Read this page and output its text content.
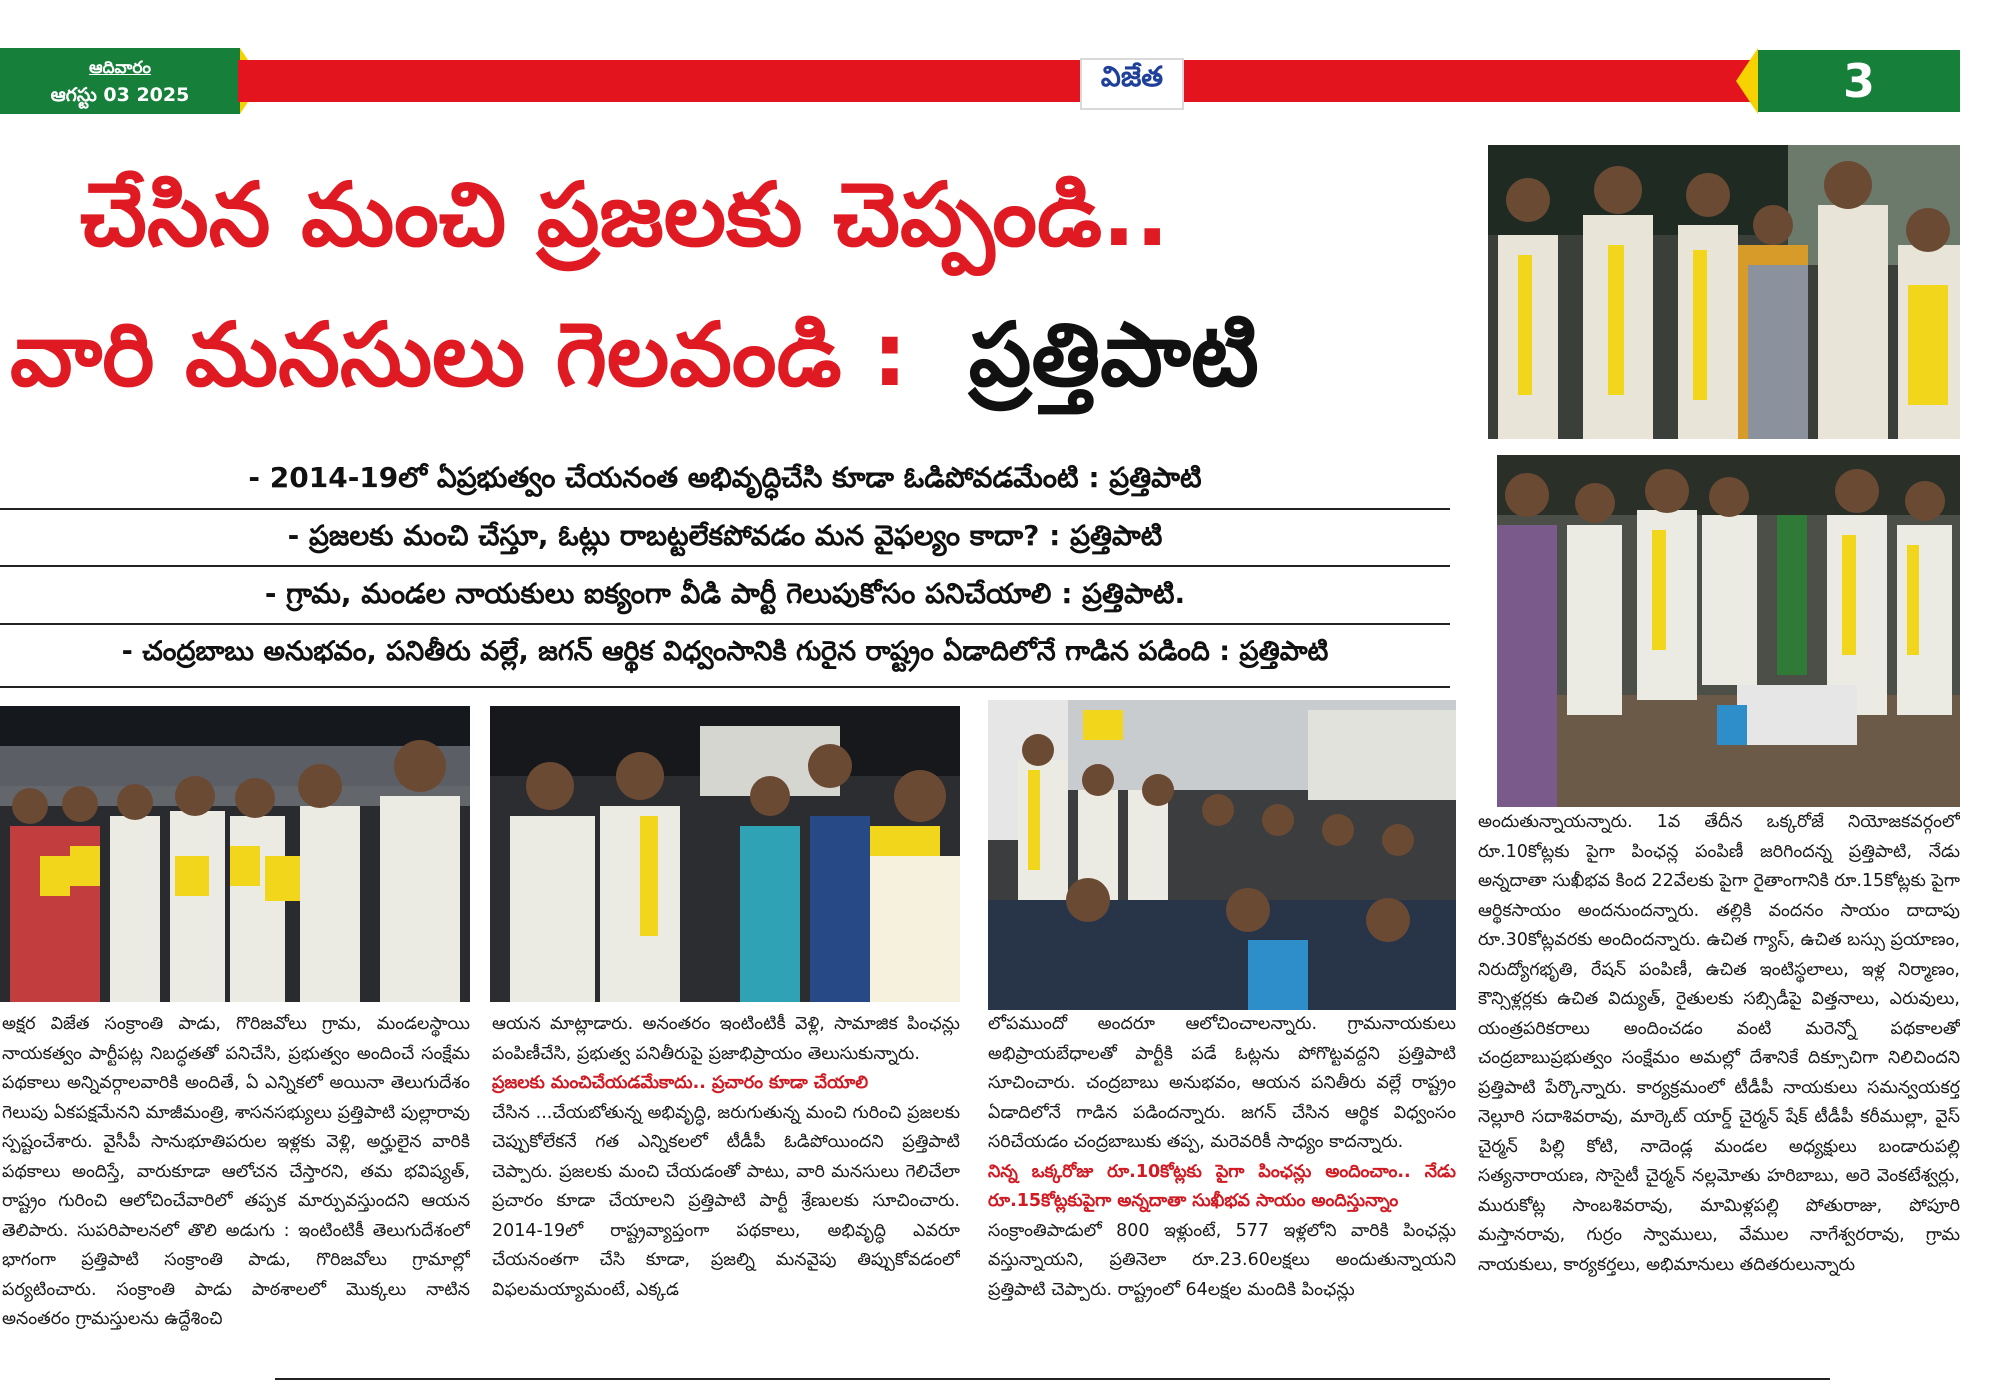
ఆదివారం
ఆగస్టు 03 2025
విజేత	3
చేసిన మంచి ప్రజలకు చెప్పండి..
వారి మనసులు గెలవండి : ప్రత్తిపాటి
- 2014-19లో ఏప్రభుత్వం చేయనంత అభివృద్ధిచేసి కూడా ఓడిపోవడమేంటి : ప్రత్తిపాటి
- ప్రజలకు మంచి చేస్తూ, ఓట్లు రాబట్టలేకపోవడం మన వైఫల్యం కాదా? : ప్రత్తిపాటి
- గ్రామ, మండల నాయకులు ఐక్యంగా వీడి పార్టీ గెలుపుకోసం పనిచేయాలి : ప్రత్తిపాటి.
- చంద్రబాబు అనుభవం, పనితీరు వల్లే, జగన్ ఆర్థిక విధ్వంసానికి గురైన రాష్ట్రం ఏడాదిలోనే గాడిన పడింది : ప్రత్తిపాటి

అక్షర విజేత సంక్రాంతి పాడు, గొరిజవోలు గ్రామ, మండలస్థాయి నాయకత్వం పార్టీపట్ల నిబద్ధతతో పనిచేసి, ప్రభుత్వం అందించే సంక్షేమ పథకాలు అన్నివర్గాలవారికి అందితే, ఏ ఎన్నికలో అయినా తెలుగుదేశం గెలుపు ఏకపక్షమేనని మాజీమంత్రి, శాసనసభ్యులు ప్రత్తిపాటి పుల్లారావు స్పష్టంచేశారు. వైసీపీ సానుభూతిపరుల ఇళ్లకు వెళ్లి, అర్హులైన వారికి పథకాలు అందిస్తే, వారుకూడా ఆలోచన చేస్తారని, తమ భవిష్యత్, రాష్ట్రం గురించి ఆలోచించేవారిలో తప్పక మార్పువస్తుందని ఆయన తెలిపారు. సుపరిపాలనలో తొలి అడుగు : ఇంటింటికీ తెలుగుదేశంలో భాగంగా ప్రత్తిపాటి సంక్రాంతి పాడు, గొరిజవోలు గ్రామాల్లో పర్యటించారు. సంక్రాంతి పాడు పాఠశాలలో మొక్కలు నాటిన అనంతరం గ్రామస్తులను ఉద్దేశించి

ఆయన మాట్లాడారు. అనంతరం ఇంటింటికీ వెళ్లి, సామాజిక పింఛన్లు పంపిణీచేసి, ప్రభుత్వ పనితీరుపై ప్రజాభిప్రాయం తెలుసుకున్నారు.

ప్రజలకు మంచిచేయడమేకాదు.. ప్రచారం కూడా చేయాలి

చేసిన ...చేయబోతున్న అభివృద్ధి, జరుగుతున్న మంచి గురించి ప్రజలకు చెప్పుకోలేకనే గత ఎన్నికలలో టీడీపీ ఓడిపోయిందని ప్రత్తిపాటి చెప్పారు. ప్రజలకు మంచి చేయడంతో పాటు, వారి మనసులు గెలిచేలా ప్రచారం కూడా చేయాలని ప్రత్తిపాటి పార్టీ శ్రేణులకు సూచించారు. 2014-19లో రాష్ట్రవ్యాప్తంగా పథకాలు, అభివృద్ధి ఎవరూ చేయనంతగా చేసి కూడా, ప్రజల్ని మనవైపు తిప్పుకోవడంలో విఫలమయ్యామంటే, ఎక్కడ

లోపముందో అందరూ ఆలోచించాలన్నారు. గ్రామనాయకులు అభిప్రాయబేధాలతో పార్టీకి పడే ఓట్లను పోగొట్టవద్దని ప్రత్తిపాటి సూచించారు. చంద్రబాబు అనుభవం, ఆయన పనితీరు వల్లే రాష్ట్రం ఏడాదిలోనే గాడిన పడిందన్నారు. జగన్ చేసిన ఆర్థిక విధ్వంసం సరిచేయడం చంద్రబాబుకు తప్ప, మరెవరికీ సాధ్యం కాదన్నారు.

నిన్న ఒక్కరోజు రూ.10కోట్లకు పైగా పింఛన్లు అందించాం.. నేడు రూ.15కోట్లకుపైగా అన్నదాతా సుఖీభవ సాయం అందిస్తున్నాం

సంక్రాంతిపాడులో 800 ఇళ్లుంటే, 577 ఇళ్లలోని వారికి పింఛన్లు వస్తున్నాయని, ప్రతినెలా రూ.23.60లక్షలు అందుతున్నాయని ప్రత్తిపాటి చెప్పారు. రాష్ట్రంలో 64లక్షల మందికి పింఛన్లు

అందుతున్నాయన్నారు. 1వ తేదీన ఒక్కరోజే నియోజకవర్గంలో రూ.10కోట్లకు పైగా పింఛన్ల పంపిణీ జరిగిందన్న ప్రత్తిపాటి, నేడు అన్నదాతా సుఖీభవ కింద 22వేలకు పైగా రైతాంగానికి రూ.15కోట్లకు పైగా ఆర్థికసాయం అందనుందన్నారు. తల్లికి వందనం సాయం దాదాపు రూ.30కోట్లవరకు అందిందన్నారు. ఉచిత గ్యాస్, ఉచిత బస్సు ప్రయాణం, నిరుద్యోగభృతి, రేషన్ పంపిణీ, ఉచిత ఇంటిస్థలాలు, ఇళ్ల నిర్మాణం, కౌన్సిళ్లర్లకు ఉచిత విద్యుత్, రైతులకు సబ్సిడీపై విత్తనాలు, ఎరువులు, యంత్రపరికరాలు అందించడం వంటి మరెన్నో పథకాలతో చంద్రబాబుప్రభుత్వం సంక్షేమం అమల్లో దేశానికే దిక్సూచిగా నిలిచిందని ప్రత్తిపాటి పేర్కొన్నారు. కార్యక్రమంలో టీడీపీ నాయకులు సమన్వయకర్త నెల్లూరి సదాశివరావు, మార్కెట్ యార్డ్ చైర్మన్ షేక్ టీడీపీ కరీముల్లా, వైస్ చైర్మన్ పిల్లి కోటి, నాదెండ్ల మండల అధ్యక్షులు బండారుపల్లి సత్యనారాయణ, సొసైటీ చైర్మన్ నల్లమోతు హరిబాబు, అరె వెంకటేశ్వర్లు, మురుకోట్ల సాంబశివరావు, మామిళ్లపల్లి పోతురాజు, పోపూరి మస్తానరావు, గుర్రం స్వాములు, వేముల నాగేశ్వరరావు, గ్రామ నాయకులు, కార్యకర్తలు, అభిమానులు తదితరులున్నారు
